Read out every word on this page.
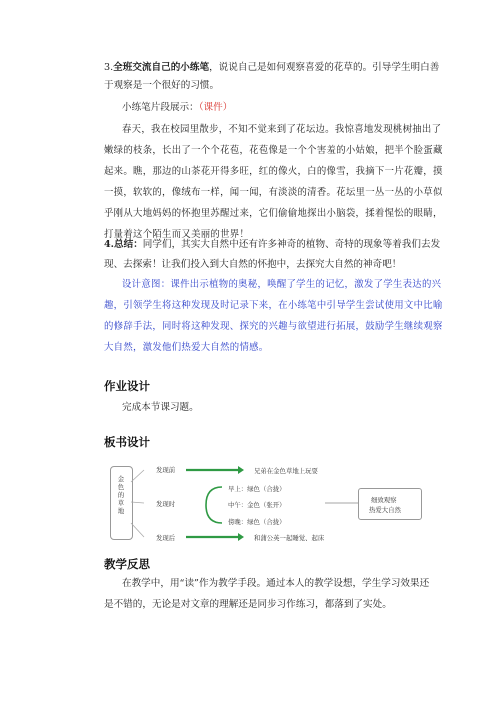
3.全班交流自己的小练笔，说说自己是如何观察喜爱的花草的。引导学生明白善
于观察是一个很好的习惯。
小练笔片段展示：（课件）
春天，我在校园里散步，不知不觉来到了花坛边。我惊喜地发现桃树抽出了
嫩绿的枝条，长出了一个个花苞，花苞像是一个个害羞的小姑娘，把半个脸蛋藏
起来。瞧，那边的山茶花开得多旺，红的像火，白的像雪，我摘下一片花瓣，摸
一摸，软软的，像绒布一样，闻一闻，有淡淡的清香。花坛里一丛一丛的小草似
乎刚从大地妈妈的怀抱里苏醒过来，它们偷偷地探出小脑袋，揉着惺忪的眼睛，
打量着这个陌生而又美丽的世界！
4.总结：同学们，其实大自然中还有许多神奇的植物、奇特的现象等着我们去发
现、去探索！让我们投入到大自然的怀抱中，去探究大自然的神奇吧！
设计意图：课件出示植物的奥秘，唤醒了学生的记忆，激发了学生表达的兴
趣，引领学生将这种发现及时记录下来，在小练笔中引导学生尝试使用文中比喻
的修辞手法，同时将这种发现、探究的兴趣与欲望进行拓展，鼓励学生继续观察
大自然，激发他们热爱大自然的情感。
作业设计
完成本节课习题。
板书设计
金色的草地
发现前	兄弟在金色草地上玩耍
发现时
早上：绿色（合拢）
中午：金色（张开）
傍晚：绿色（合拢）
发现后	和蒲公英一起睡觉、起床
细致观察
热爱大自然
教学反思
在教学中，用“读”作为教学手段。通过本人的教学设想，学生学习效果还
是不错的，无论是对文章的理解还是同步习作练习，都落到了实处。
